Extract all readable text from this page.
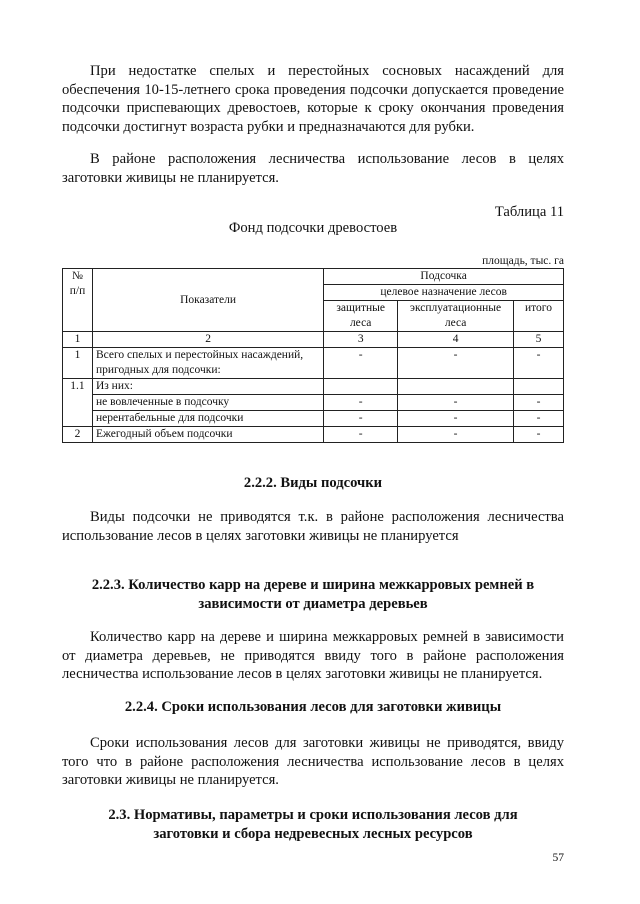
При недостатке спелых и перестойных сосновых насаждений для обеспечения 10-15-летнего срока проведения подсочки допускается проведение подсочки приспевающих древостоев, которые к сроку окончания проведения подсочки достигнут возраста рубки и предназначаются для рубки.

В районе расположения лесничества использование лесов в целях заготовки живицы не планируется.

Таблица 11
Фонд подсочки древостоев
площадь, тыс. га
№ п/п	Показатели	Подсочка		
		целевое назначение лесов		
		защитные леса	эксплуатационные леса	итого
1	2	3	4	5
1	Всего спелых и перестойных насаждений, пригодных для подсочки:	-	-	-
1.1	Из них:			
	не вовлеченные в подсочку	-	-	-
	нерентабельные для подсочки	-	-	-
2	Ежегодный объем подсочки	-	-	-
2.2.2. Виды подсочки

Виды подсочки не приводятся т.к. в районе расположения лесничества использование лесов в целях заготовки живицы не планируется

2.2.3. Количество карр на дереве и ширина межкарровых ремней в
зависимости от диаметра деревьев

Количество карр на дереве и ширина межкарровых ремней в зависимости от диаметра деревьев, не приводятся ввиду того в районе расположения лесничества использование лесов в целях заготовки живицы не планируется.

2.2.4. Сроки использования лесов для заготовки живицы

Сроки использования лесов для заготовки живицы не приводятся, ввиду того что в районе расположения лесничества использование лесов в целях заготовки живицы не планируется.

2.3. Нормативы, параметры и сроки использования лесов для
заготовки и сбора недревесных лесных ресурсов
57
